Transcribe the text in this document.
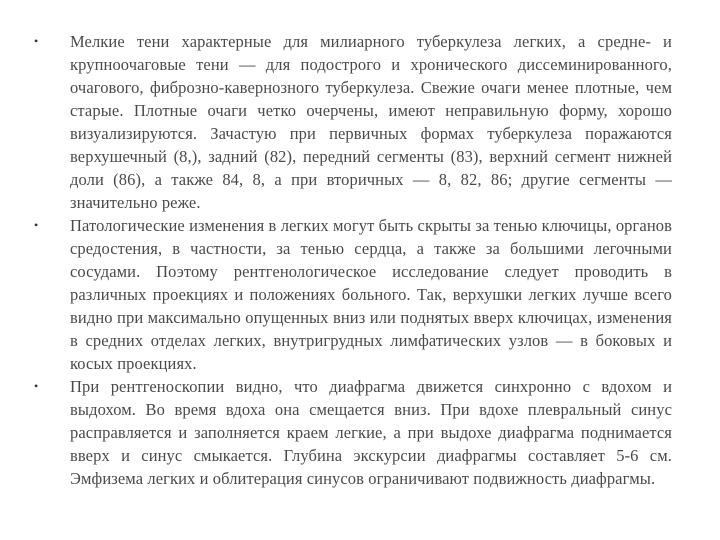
•	Мелкие тени характерные для милиарного туберкулеза легких, а средне- и крупноочаговые тени — для подострого и хронического диссеминированного, очагового, фиброзно-кавернозного туберкулеза. Свежие очаги менее плотные, чем старые. Плотные очаги четко очерчены, имеют неправильную форму, хорошо визуализируются. Зачастую при первичных формах туберкулеза поражаются верхушечный (8,), задний (82), передний сегменты (83), верхний сегмент нижней доли (86), а также 84, 8, а при вторичных — 8, 82, 86; другие сегменты — значительно реже.
•	Патологические изменения в легких могут быть скрыты за тенью ключицы, органов средостения, в частности, за тенью сердца, а также за большими легочными сосудами. Поэтому рентгенологическое исследование следует проводить в различных проекциях и положениях больного. Так, верхушки легких лучше всего видно при максимально опущенных вниз или поднятых вверх ключицах, изменения в средних отделах легких, внутригрудных лимфатических узлов — в боковых и косых проекциях.
•	При рентгеноскопии видно, что диафрагма движется синхронно с вдохом и выдохом. Во время вдоха она смещается вниз. При вдохе плевральный синус расправляется и заполняется краем легкие, а при выдохе диафрагма поднимается вверх и синус смыкается. Глубина экскурсии диафрагмы составляет 5-6 см. Эмфизема легких и облитерация синусов ограничивают подвижность диафрагмы.
